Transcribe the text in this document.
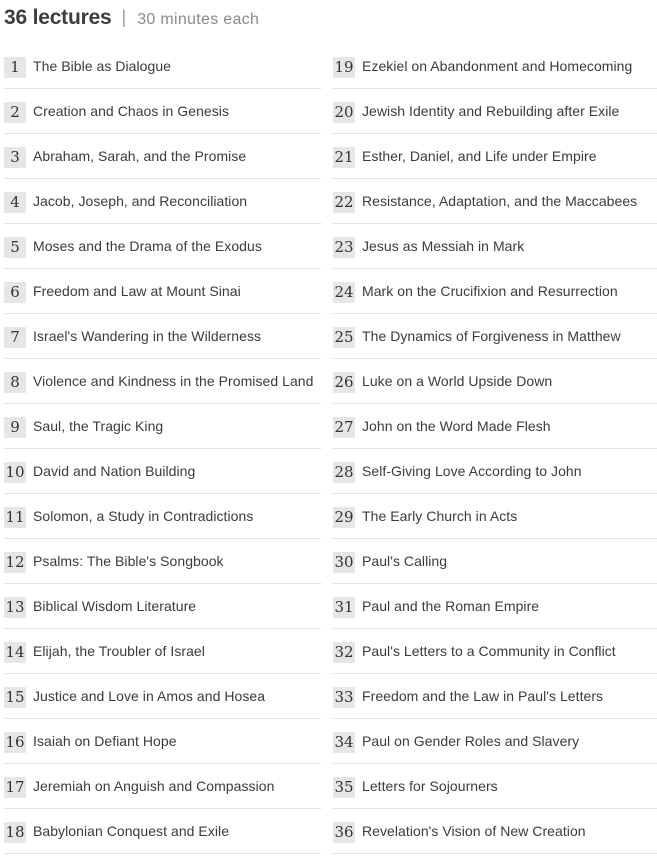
36 lectures | 30 minutes each
1 The Bible as Dialogue
2 Creation and Chaos in Genesis
3 Abraham, Sarah, and the Promise
4 Jacob, Joseph, and Reconciliation
5 Moses and the Drama of the Exodus
6 Freedom and Law at Mount Sinai
7 Israel's Wandering in the Wilderness
8 Violence and Kindness in the Promised Land
9 Saul, the Tragic King
10 David and Nation Building
11 Solomon, a Study in Contradictions
12 Psalms: The Bible's Songbook
13 Biblical Wisdom Literature
14 Elijah, the Troubler of Israel
15 Justice and Love in Amos and Hosea
16 Isaiah on Defiant Hope
17 Jeremiah on Anguish and Compassion
18 Babylonian Conquest and Exile
19 Ezekiel on Abandonment and Homecoming
20 Jewish Identity and Rebuilding after Exile
21 Esther, Daniel, and Life under Empire
22 Resistance, Adaptation, and the Maccabees
23 Jesus as Messiah in Mark
24 Mark on the Crucifixion and Resurrection
25 The Dynamics of Forgiveness in Matthew
26 Luke on a World Upside Down
27 John on the Word Made Flesh
28 Self-Giving Love According to John
29 The Early Church in Acts
30 Paul's Calling
31 Paul and the Roman Empire
32 Paul's Letters to a Community in Conflict
33 Freedom and the Law in Paul's Letters
34 Paul on Gender Roles and Slavery
35 Letters for Sojourners
36 Revelation's Vision of New Creation
